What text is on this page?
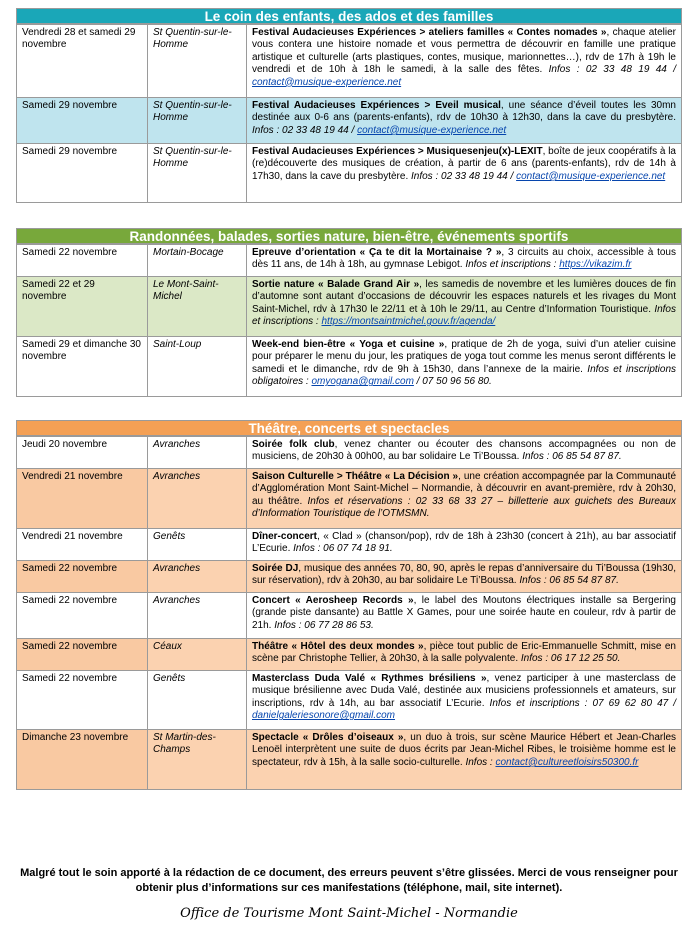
Le coin des enfants, des ados et des familles
Vendredi 28 et samedi 29 novembre	St Quentin-sur-le-Homme	Festival Audacieuses Expériences > ateliers familles « Contes nomades », chaque atelier vous contera une histoire nomade et vous permettra de découvrir en famille une pratique artistique et culturelle (arts plastiques, contes, musique, marionnettes…), rdv de 17h à 19h le vendredi et de 10h à 18h le samedi, à la salle des fêtes. Infos : 02 33 48 19 44 / contact@musique-experience.net
Samedi 29 novembre	St Quentin-sur-le-Homme	Festival Audacieuses Expériences > Eveil musical, une séance d’éveil toutes les 30mn destinée aux 0-6 ans (parents-enfants), rdv de 10h30 à 12h30, dans la cave du presbytère. Infos : 02 33 48 19 44 / contact@musique-experience.net
Samedi 29 novembre	St Quentin-sur-le-Homme	Festival Audacieuses Expériences > Musiquesenjeu(x)-LEXIT, boîte de jeux coopératifs à la (re)découverte des musiques de création, à partir de 6 ans (parents-enfants), rdv de 14h à 17h30, dans la cave du presbytère. Infos : 02 33 48 19 44 / contact@musique-experience.net
Randonnées, balades, sorties nature, bien-être, événements sportifs
Samedi 22 novembre	Mortain-Bocage	Epreuve d’orientation « Ça te dit la Mortainaise ? », 3 circuits au choix, accessible à tous dès 11 ans, de 14h à 18h, au gymnase Lebigot. Infos et inscriptions : https://vikazim.fr
Samedi 22 et 29 novembre	Le Mont-Saint-Michel	Sortie nature « Balade Grand Air », les samedis de novembre et les lumières douces de fin d’automne sont autant d’occasions de découvrir les espaces naturels et les rivages du Mont Saint-Michel, rdv à 17h30 le 22/11 et à 10h le 29/11, au Centre d’Information Touristique. Infos et inscriptions : https://montsaintmichel.gouv.fr/agenda/
Samedi 29 et dimanche 30 novembre	Saint-Loup	Week-end bien-être « Yoga et cuisine », pratique de 2h de yoga, suivi d’un atelier cuisine pour préparer le menu du jour, les pratiques de yoga tout comme les menus seront différents le samedi et le dimanche, rdv de 9h à 15h30, dans l’annexe de la mairie. Infos et inscriptions obligatoires : omyogana@gmail.com / 07 50 96 56 80.
Théâtre, concerts et spectacles
Jeudi 20 novembre	Avranches	Soirée folk club, venez chanter ou écouter des chansons accompagnées ou non de musiciens, de 20h30 à 00h00, au bar solidaire Le Ti’Boussa. Infos : 06 85 54 87 87.
Vendredi 21 novembre	Avranches	Saison Culturelle > Théâtre « La Décision », une création accompagnée par la Communauté d’Agglomération Mont Saint-Michel – Normandie, à découvrir en avant-première, rdv à 20h30, au théâtre. Infos et réservations : 02 33 68 33 27 – billetterie aux guichets des Bureaux d’Information Touristique de l’OTMSMN.
Vendredi 21 novembre	Genêts	Dîner-concert, « Clad » (chanson/pop), rdv de 18h à 23h30 (concert à 21h), au bar associatif L’Ecurie. Infos : 06 07 74 18 91.
Samedi 22 novembre	Avranches	Soirée DJ, musique des années 70, 80, 90, après le repas d’anniversaire du Ti’Boussa (19h30, sur réservation), rdv à 20h30, au bar solidaire Le Ti’Boussa. Infos : 06 85 54 87 87.
Samedi 22 novembre	Avranches	Concert « Aerosheep Records », le label des Moutons électriques installe sa Bergering (grande piste dansante) au Battle X Games, pour une soirée haute en couleur, rdv à partir de 21h. Infos : 06 77 28 86 53.
Samedi 22 novembre	Céaux	Théâtre « Hôtel des deux mondes », pièce tout public de Eric-Emmanuelle Schmitt, mise en scène par Christophe Tellier, à 20h30, à la salle polyvalente. Infos : 06 17 12 25 50.
Samedi 22 novembre	Genêts	Masterclass Duda Valé « Rythmes brésiliens », venez participer à une masterclass de musique brésilienne avec Duda Valé, destinée aux musiciens professionnels et amateurs, sur inscriptions, rdv à 14h, au bar associatif L’Ecurie. Infos et inscriptions : 07 69 62 80 47 / danielgaleriesonore@gmail.com
Dimanche 23 novembre	St Martin-des-Champs	Spectacle « Drôles d’oiseaux », un duo à trois, sur scène Maurice Hébert et Jean-Charles Lenoël interprètent une suite de duos écrits par Jean-Michel Ribes, le troisième homme est le spectateur, rdv à 15h, à la salle socio-culturelle. Infos : contact@cultureetloisirs50300.fr
Malgré tout le soin apporté à la rédaction de ce document, des erreurs peuvent s’être glissées. Merci de vous renseigner pour obtenir plus d’informations sur ces manifestations (téléphone, mail, site internet).
Office de Tourisme Mont Saint-Michel - Normandie
